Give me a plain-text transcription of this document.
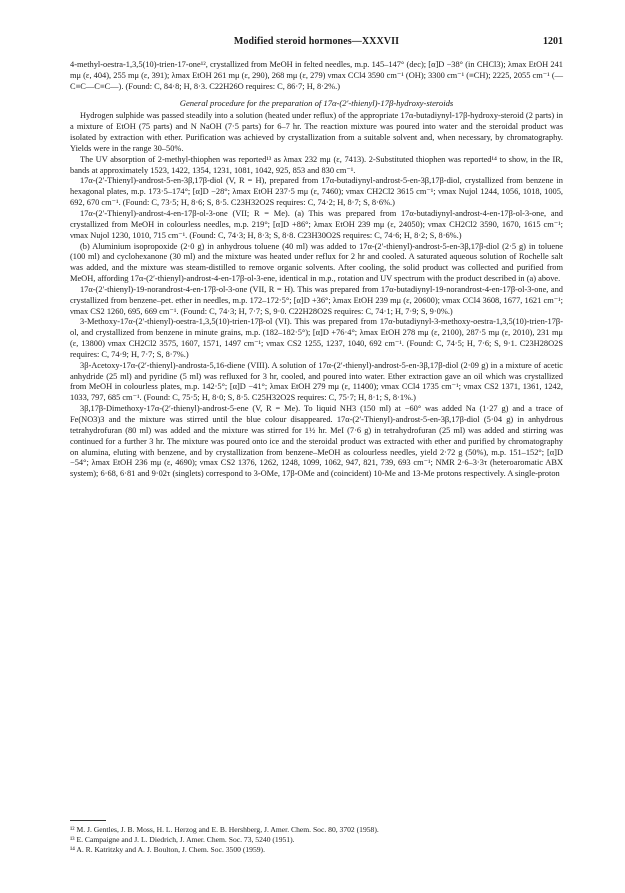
Modified steroid hormones—XXXVII	1201

4-methyl-oestra-1,3,5(10)-trien-17-one¹², crystallized from MeOH in felted needles, m.p. 145–147° (dec); [α]D −38° (in CHCl3); λmax EtOH 241 mμ (ε, 404), 255 mμ (ε, 391); λmax EtOH 261 mμ (ε, 290), 268 mμ (ε, 279) νmax CCl4 3590 cm⁻¹ (OH); 3300 cm⁻¹ (≡CH); 2225, 2055 cm⁻¹ (—C≡C—C≡C—). (Found: C, 84·8; H, 8·3. C22H26O requires: C, 86·7; H, 8·2%.)

General procedure for the preparation of 17α-(2′-thienyl)-17β-hydroxy-steroids

Hydrogen sulphide was passed steadily into a solution (heated under reflux) of the appropriate 17α-butadiynyl-17β-hydroxy-steroid (2 parts) in a mixture of EtOH (75 parts) and N NaOH (7·5 parts) for 6–7 hr. The reaction mixture was poured into water and the steroidal product was isolated by extraction with ether. Purification was achieved by crystallization from a suitable solvent and, when necessary, by chromatography. Yields were in the range 30–50%.

The UV absorption of 2-methyl-thiophen was reported¹³ as λmax 232 mμ (ε, 7413). 2-Substituted thiophen was reported¹⁴ to show, in the IR, bands at approximately 1523, 1422, 1354, 1231, 1081, 1042, 925, 853 and 830 cm⁻¹.

17α-(2′-Thienyl)-androst-5-en-3β,17β-diol (V, R = H), prepared from 17α-butadiynyl-androst-5-en-3β,17β-diol, crystallized from benzene in hexagonal plates, m.p. 173·5–174°; [α]D −28°; λmax EtOH 237·5 mμ (ε, 7460); νmax CH2Cl2 3615 cm⁻¹; νmax Nujol 1244, 1056, 1018, 1005, 692, 670 cm⁻¹. (Found: C, 73·5; H, 8·6; S, 8·5. C23H32O2S requires: C, 74·2; H, 8·7; S, 8·6%.)

17α-(2′-Thienyl)-androst-4-en-17β-ol-3-one (VII; R = Me). (a) This was prepared from 17α-butadiynyl-androst-4-en-17β-ol-3-one, and crystallized from MeOH in colourless needles, m.p. 219°; [α]D +86°; λmax EtOH 239 mμ (ε, 24050); νmax CH2Cl2 3590, 1670, 1615 cm⁻¹; νmax Nujol 1230, 1010, 715 cm⁻¹. (Found: C, 74·3; H, 8·3; S, 8·8. C23H30O2S requires: C, 74·6; H, 8·2; S, 8·6%.)

(b) Aluminium isopropoxide (2·0 g) in anhydrous toluene (40 ml) was added to 17α-(2′-thienyl)-androst-5-en-3β,17β-diol (2·5 g) in toluene (100 ml) and cyclohexanone (30 ml) and the mixture was heated under reflux for 2 hr and cooled. A saturated aqueous solution of Rochelle salt was added, and the mixture was steam-distilled to remove organic solvents. After cooling, the solid product was collected and purified from MeOH, affording 17α-(2′-thienyl)-androst-4-en-17β-ol-3-ene, identical in m.p., rotation and UV spectrum with the product described in (a) above.

17α-(2′-thienyl)-19-norandrost-4-en-17β-ol-3-one (VII, R = H). This was prepared from 17α-butadiynyl-19-norandrost-4-en-17β-ol-3-one, and crystallized from benzene–pet. ether in needles, m.p. 172–172·5°; [α]D +36°; λmax EtOH 239 mμ (ε, 20600); νmax CCl4 3608, 1677, 1621 cm⁻¹; νmax CS2 1260, 695, 669 cm⁻¹. (Found: C, 74·3; H, 7·7; S, 9·0. C22H28O2S requires: C, 74·1; H, 7·9; S, 9·0%.)

3-Methoxy-17α-(2′-thienyl)-oestra-1,3,5(10)-trien-17β-ol (VI). This was prepared from 17α-butadiynyl-3-methoxy-oestra-1,3,5(10)-trien-17β-ol, and crystallized from benzene in minute grains, m.p. (182–182·5°); [α]D +76·4°; λmax EtOH 278 mμ (ε, 2100), 287·5 mμ (ε, 2010), 231 mμ (ε, 13800) νmax CH2Cl2 3575, 1607, 1571, 1497 cm⁻¹; νmax CS2 1255, 1237, 1040, 692 cm⁻¹. (Found: C, 74·5; H, 7·6; S, 9·1. C23H28O2S requires: C, 74·9; H, 7·7; S, 8·7%.)

3β-Acetoxy-17α-(2′-thienyl)-androsta-5,16-diene (VIII). A solution of 17α-(2′-thienyl)-androst-5-en-3β,17β-diol (2·09 g) in a mixture of acetic anhydride (25 ml) and pyridine (5 ml) was refluxed for 3 hr, cooled, and poured into water. Ether extraction gave an oil which was crystallized from MeOH in colourless plates, m.p. 142·5°; [α]D −41°; λmax EtOH 279 mμ (ε, 11400); νmax CCl4 1735 cm⁻¹; νmax CS2 1371, 1361, 1242, 1033, 797, 685 cm⁻¹. (Found: C, 75·5; H, 8·0; S, 8·5. C25H32O2S requires: C, 75·7; H, 8·1; S, 8·1%.)

3β,17β-Dimethoxy-17α-(2′-thienyl)-androst-5-ene (V, R = Me). To liquid NH3 (150 ml) at −60° was added Na (1·27 g) and a trace of Fe(NO3)3 and the mixture was stirred until the blue colour disappeared. 17α-(2′-Thienyl)-androst-5-en-3β,17β-diol (5·04 g) in anhydrous tetrahydrofuran (80 ml) was added and the mixture was stirred for 1½ hr. MeI (7·6 g) in tetrahydrofuran (25 ml) was added and stirring was continued for a further 3 hr. The mixture was poured onto ice and the steroidal product was extracted with ether and purified by chromatography on alumina, eluting with benzene, and by crystallization from benzene–MeOH as colourless needles, yield 2·72 g (50%), m.p. 151–152°; [α]D −54°; λmax EtOH 236 mμ (ε, 4690); νmax CS2 1376, 1262, 1248, 1099, 1062, 947, 821, 739, 693 cm⁻¹; NMR 2·6–3·3τ (heteroaromatic ABX system); 6·68, 6·81 and 9·02τ (singlets) correspond to 3-OMe, 17β-OMe and (coincident) 10-Me and 13-Me protons respectively. A single-proton

¹² M. J. Gentles, J. B. Moss, H. L. Herzog and E. B. Hershberg, J. Amer. Chem. Soc. 80, 3702 (1958).
¹³ E. Campaigne and J. L. Diedrich, J. Amer. Chem. Soc. 73, 5240 (1951).
¹⁴ A. R. Katritzky and A. J. Boulton, J. Chem. Soc. 3500 (1959).
